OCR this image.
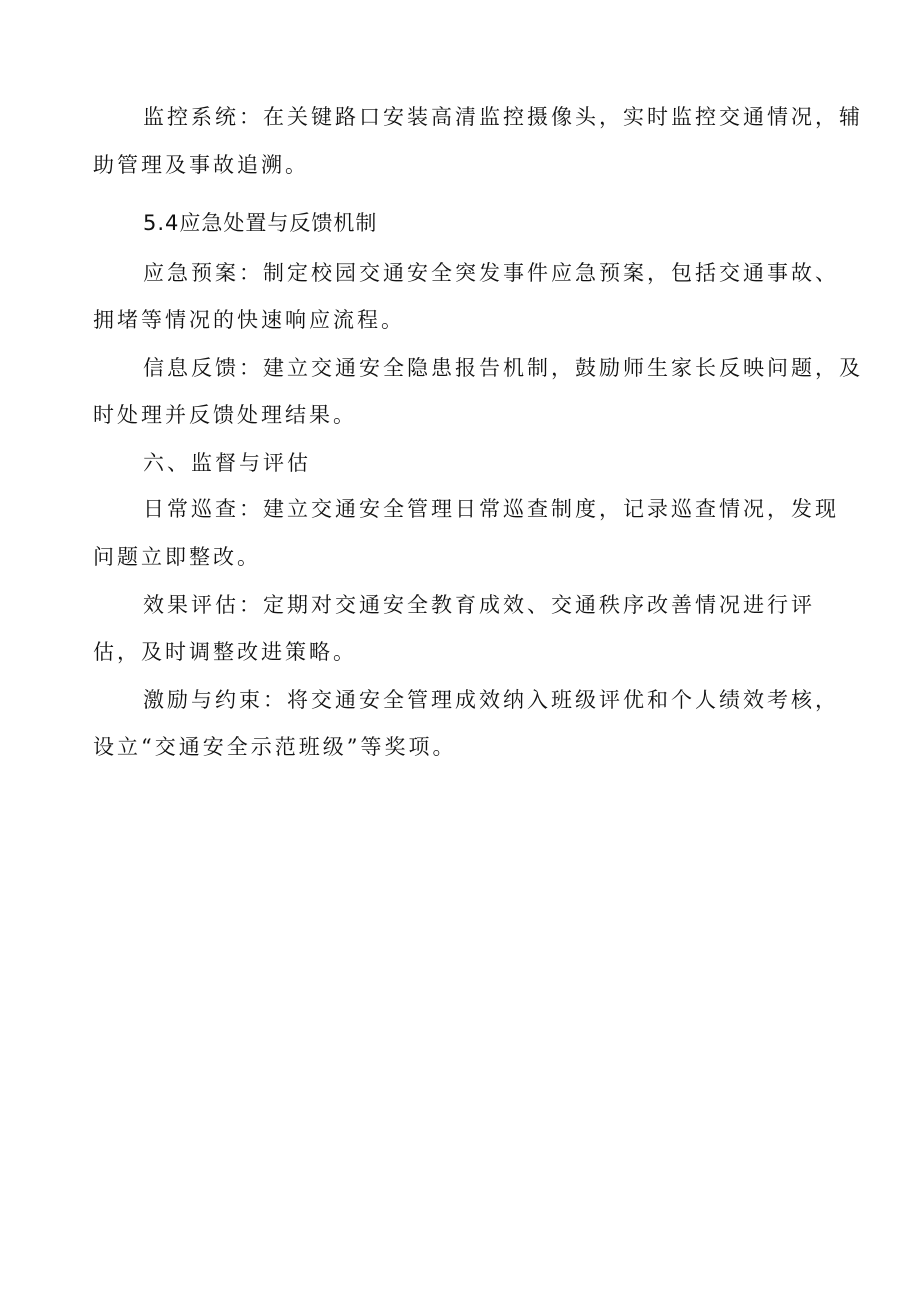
监控系统：在关键路口安装高清监控摄像头，实时监控交通情况，辅
助管理及事故追溯。
5.4应急处置与反馈机制
应急预案：制定校园交通安全突发事件应急预案，包括交通事故、
拥堵等情况的快速响应流程。
信息反馈：建立交通安全隐患报告机制，鼓励师生家长反映问题，及
时处理并反馈处理结果。
六、监督与评估
日常巡查：建立交通安全管理日常巡查制度，记录巡查情况，发现
问题立即整改。
效果评估：定期对交通安全教育成效、交通秩序改善情况进行评
估，及时调整改进策略。
激励与约束：将交通安全管理成效纳入班级评优和个人绩效考核，
设立“交通安全示范班级”等奖项。
